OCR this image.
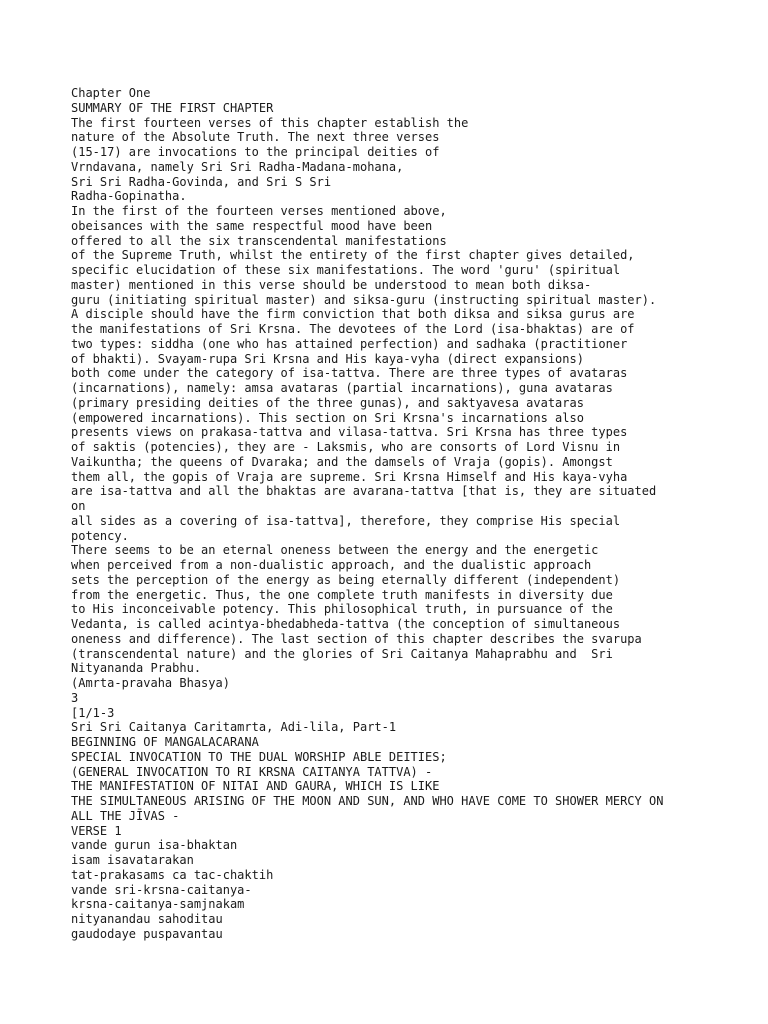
Chapter One
SUMMARY OF THE FIRST CHAPTER
The first fourteen verses of this chapter establish the
nature of the Absolute Truth. The next three verses
(15-17) are invocations to the principal deities of
Vrndavana, namely Sri Sri Radha-Madana-mohana,
Sri Sri Radha-Govinda, and Sri S Sri
Radha-Gopinatha.
In the first of the fourteen verses mentioned above,
obeisances with the same respectful mood have been
offered to all the six transcendental manifestations
of the Supreme Truth, whilst the entirety of the first chapter gives detailed,
specific elucidation of these six manifestations. The word 'guru' (spiritual
master) mentioned in this verse should be understood to mean both diksa-
guru (initiating spiritual master) and siksa-guru (instructing spiritual master).
A disciple should have the firm conviction that both diksa and siksa gurus are
the manifestations of Sri Krsna. The devotees of the Lord (isa-bhaktas) are of
two types: siddha (one who has attained perfection) and sadhaka (practitioner
of bhakti). Svayam-rupa Sri Krsna and His kaya-vyha (direct expansions)
both come under the category of isa-tattva. There are three types of avataras
(incarnations), namely: amsa avataras (partial incarnations), guna avataras
(primary presiding deities of the three gunas), and saktyavesa avataras
(empowered incarnations). This section on Sri Krsna's incarnations also
presents views on prakasa-tattva and vilasa-tattva. Sri Krsna has three types
of saktis (potencies), they are - Laksmis, who are consorts of Lord Visnu in
Vaikuntha; the queens of Dvaraka; and the damsels of Vraja (gopis). Amongst
them all, the gopis of Vraja are supreme. Sri Krsna Himself and His kaya-vyha
are isa-tattva and all the bhaktas are avarana-tattva [that is, they are situated
on
all sides as a covering of isa-tattva], therefore, they comprise His special
potency.
There seems to be an eternal oneness between the energy and the energetic
when perceived from a non-dualistic approach, and the dualistic approach
sets the perception of the energy as being eternally different (independent)
from the energetic. Thus, the one complete truth manifests in diversity due
to His inconceivable potency. This philosophical truth, in pursuance of the
Vedanta, is called acintya-bhedabheda-tattva (the conception of simultaneous
oneness and difference). The last section of this chapter describes the svarupa
(transcendental nature) and the glories of Sri Caitanya Mahaprabhu and  Sri
Nityananda Prabhu.
(Amrta-pravaha Bhasya)
3
[1/1-3
Sri Sri Caitanya Caritamrta, Adi-lila, Part-1
BEGINNING OF MANGALACARANA
SPECIAL INVOCATION TO THE DUAL WORSHIP ABLE DEITIES;
(GENERAL INVOCATION TO RI KRSNA CAITANYA TATTVA) -
THE MANIFESTATION OF NITAI AND GAURA, WHICH IS LIKE
THE SIMULTANEOUS ARISING OF THE MOON AND SUN, AND WHO HAVE COME TO SHOWER MERCY ON
ALL THE JĪVAS -
VERSE 1
vande gurun isa-bhaktan
isam isavatarakan
tat-prakasams ca tac-chaktih
vande sri-krsna-caitanya-
krsna-caitanya-samjnakam
nityanandau sahoditau
gaudodaye puspavantau
